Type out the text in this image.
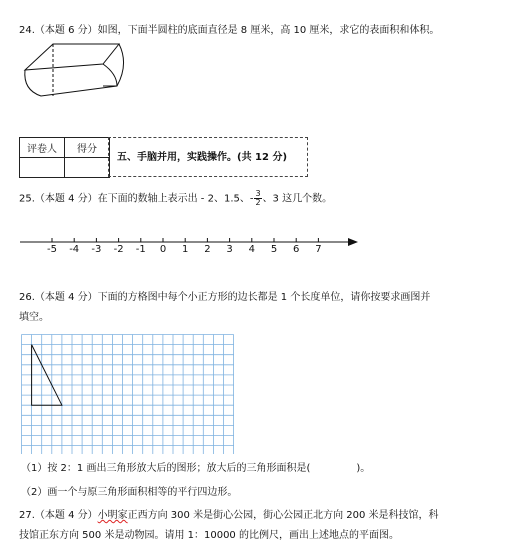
24.（本题 6 分）如图，下面半圆柱的底面直径是 8 厘米，高 10 厘米，求它的表面积和体积。
评卷人	得分

五、手脑并用，实践操作。(共 12 分)
25.（本题 4 分）在下面的数轴上表示出 - 2、1.5、- $\frac{3}{2}$ 、3 这几个数。
-5 -4 -3 -2 -1 0 1 2 3 4 5 6 7
26.（本题 4 分）下面的方格图中每个小正方形的边长都是 1 个长度单位，请你按要求画图并
填空。
（1）按 2：1 画出三角形放大后的图形；放大后的三角形面积是(	)。
（2）画一个与原三角形面积相等的平行四边形。
27.（本题 4 分）小明家正西方向 300 米是街心公园，街心公园正北方向 200 米是科技馆，科
技馆正东方向 500 米是动物园。请用 1：10000 的比例尺，画出上述地点的平面图。
